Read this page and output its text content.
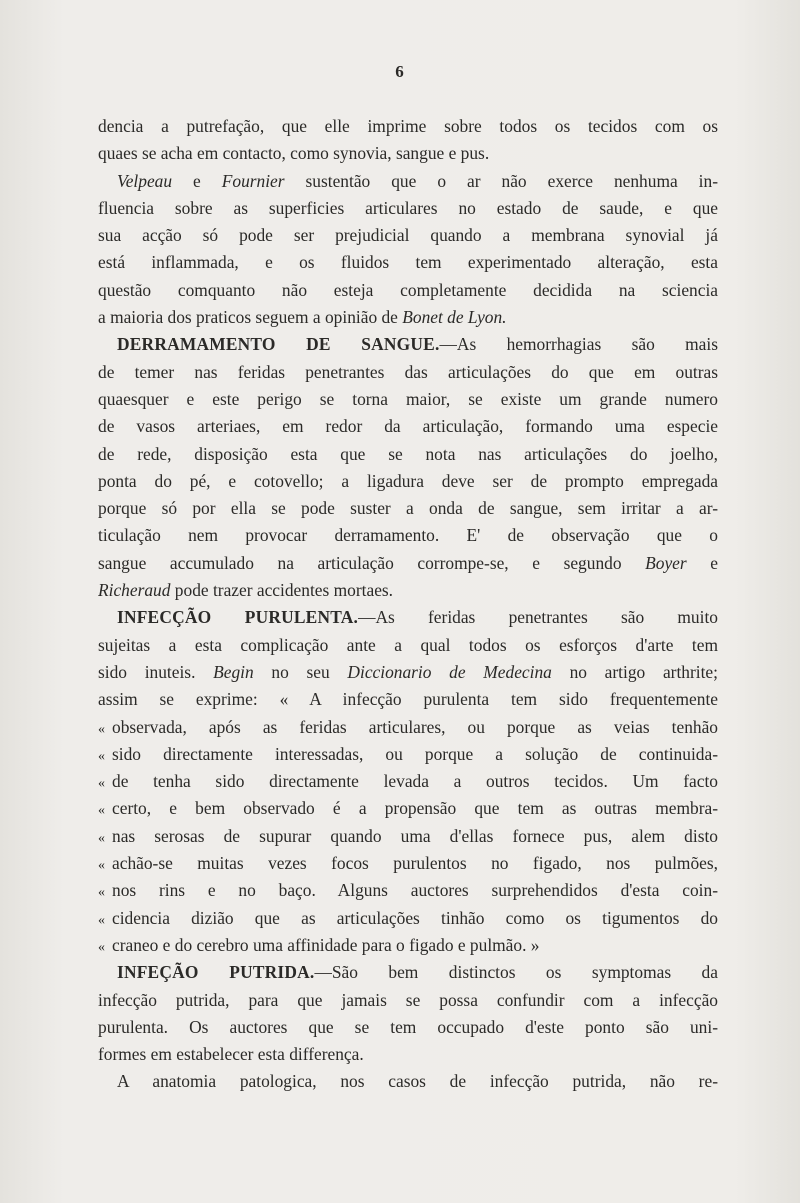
6
dencia a putrefação, que elle imprime sobre todos os tecidos com os
quaes se acha em contacto, como synovia, sangue e pus.
Velpeau e Fournier sustentão que o ar não exerce nenhuma in-
fluencia sobre as superficies articulares no estado de saude, e que
sua acção só pode ser prejudicial quando a membrana synovial já
está inflammada, e os fluidos tem experimentado alteração, esta
questão comquanto não esteja completamente decidida na sciencia
a maioria dos praticos seguem a opinião de Bonet de Lyon.
DERRAMAMENTO DE SANGUE.—As hemorrhagias são mais
de temer nas feridas penetrantes das articulações do que em outras
quaesquer e este perigo se torna maior, se existe um grande numero
de vasos arteriaes, em redor da articulação, formando uma especie
de rede, disposição esta que se nota nas articulações do joelho,
ponta do pé, e cotovello; a ligadura deve ser de prompto empregada
porque só por ella se pode suster a onda de sangue, sem irritar a ar-
ticulação nem provocar derramamento. E' de observação que o
sangue accumulado na articulação corrompe-se, e segundo Boyer e
Richeraud pode trazer accidentes mortaes.
INFECÇÃO PURULENTA.—As feridas penetrantes são muito
sujeitas a esta complicação ante a qual todos os esforços d'arte tem
sido inuteis. Begin no seu Diccionario de Medecina no artigo arthrite;
assim se exprime: « A infecção purulenta tem sido frequentemente
« observada, após as feridas articulares, ou porque as veias tenhão
« sido directamente interessadas, ou porque a solução de continuida-
« de tenha sido directamente levada a outros tecidos. Um facto
« certo, e bem observado é a propensão que tem as outras membra-
« nas serosas de supurar quando uma d'ellas fornece pus, alem disto
« achão-se muitas vezes focos purulentos no figado, nos pulmões,
« nos rins e no baço. Alguns auctores surprehendidos d'esta coin-
« cidencia dizião que as articulações tinhão como os tigumentos do
« craneo e do cerebro uma affinidade para o figado e pulmão. »
INFEÇÃO PUTRIDA.—São bem distinctos os symptomas da
infecção putrida, para que jamais se possa confundir com a infecção
purulenta. Os auctores que se tem occupado d'este ponto são uni-
formes em estabelecer esta differença.
A anatomia patologica, nos casos de infecção putrida, não re-
